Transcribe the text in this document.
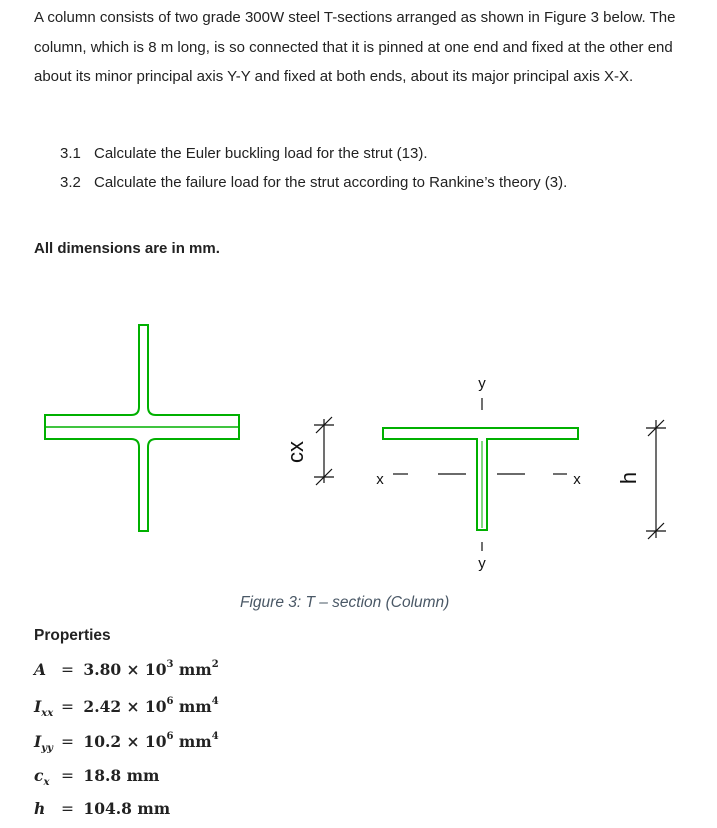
A column consists of two grade 300W steel T-sections arranged as shown in Figure 3 below. The column, which is 8 m long, is so connected that it is pinned at one end and fixed at the other end about its minor principal axis Y-Y and fixed at both ends, about its major principal axis X-X.

3.1 Calculate the Euler buckling load for the strut (13).
3.2 Calculate the failure load for the strut according to Rankine’s theory (3).
All dimensions are in mm.
cx
y
y
x	x h
Figure 3: T – section (Column)
Properties
$A = 3.80 \times 10^3$ $mm^2$
$I_{xx} = 2.42 \times 10^6$ $mm^4$
$I_{yy} = 10.2 \times 10^6$ $mm^4$
$c_x = 18.8$ mm
h = 104.8 mm
